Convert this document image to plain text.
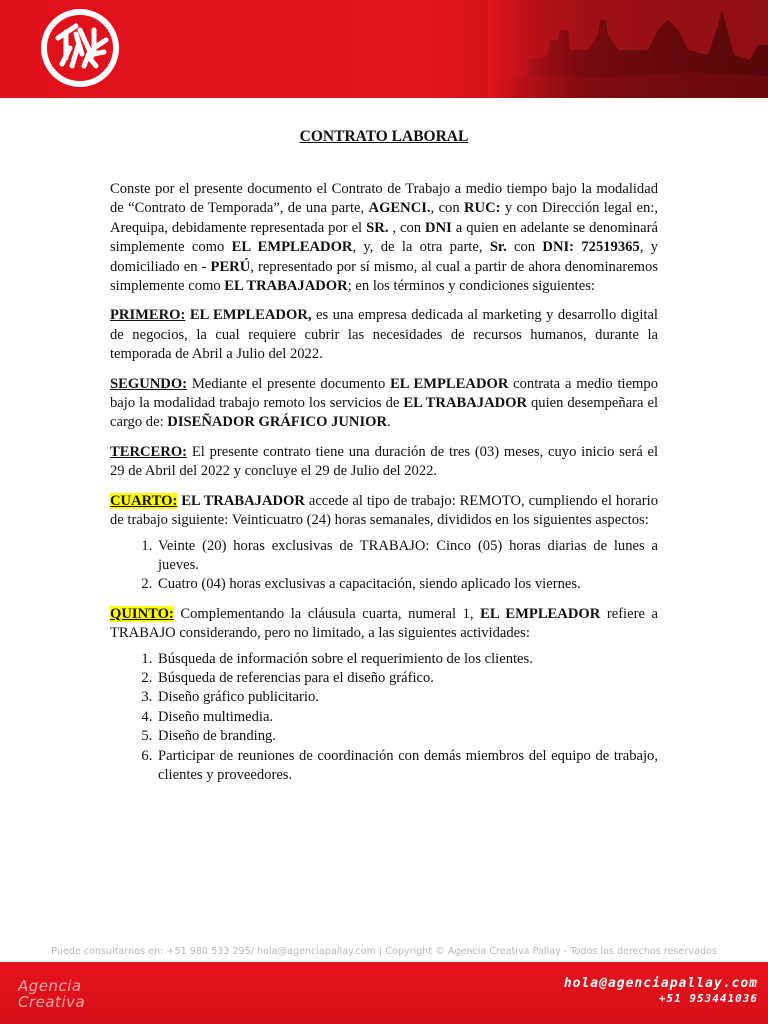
CONTRATO LABORAL

Conste por el presente documento el Contrato de Trabajo a medio tiempo bajo la modalidad de “Contrato de Temporada”, de una parte, AGENCI., con RUC: y con Dirección legal en:, Arequipa, debidamente representada por el SR. , con DNI a quien en adelante se denominará simplemente como EL EMPLEADOR, y, de la otra parte, Sr. con DNI: 72519365, y domiciliado en - PERÚ, representado por sí mismo, al cual a partir de ahora denominaremos simplemente como EL TRABAJADOR; en los términos y condiciones siguientes:

PRIMERO: EL EMPLEADOR, es una empresa dedicada al marketing y desarrollo digital de negocios, la cual requiere cubrir las necesidades de recursos humanos, durante la temporada de Abril a Julio del 2022.

SEGUNDO: Mediante el presente documento EL EMPLEADOR contrata a medio tiempo bajo la modalidad trabajo remoto los servicios de EL TRABAJADOR quien desempeñara el cargo de: DISEÑADOR GRÁFICO JUNIOR.

TERCERO: El presente contrato tiene una duración de tres (03) meses, cuyo inicio será el 29 de Abril del 2022 y concluye el 29 de Julio del 2022.

CUARTO: EL TRABAJADOR accede al tipo de trabajo: REMOTO, cumpliendo el horario de trabajo siguiente: Veinticuatro (24) horas semanales, divididos en los siguientes aspectos:

1. Veinte (20) horas exclusivas de TRABAJO: Cinco (05) horas diarias de lunes a jueves.
2. Cuatro (04) horas exclusivas a capacitación, siendo aplicado los viernes.

QUINTO: Complementando la cláusula cuarta, numeral 1, EL EMPLEADOR refiere a TRABAJO considerando, pero no limitado, a las siguientes actividades:

1. Búsqueda de información sobre el requerimiento de los clientes.
2. Búsqueda de referencias para el diseño gráfico.
3. Diseño gráfico publicitario.
4. Diseño multimedia.
5. Diseño de branding.
6. Participar de reuniones de coordinación con demás miembros del equipo de trabajo, clientes y proveedores.
Puede consultarnos en: +51 980 533 295/ hola@agenciapallay.com | Copyright © Agencia Creativa Pallay - Todos los derechos reservados
Agencia
Creativa
hola@agenciapallay.com
+51 953441036
